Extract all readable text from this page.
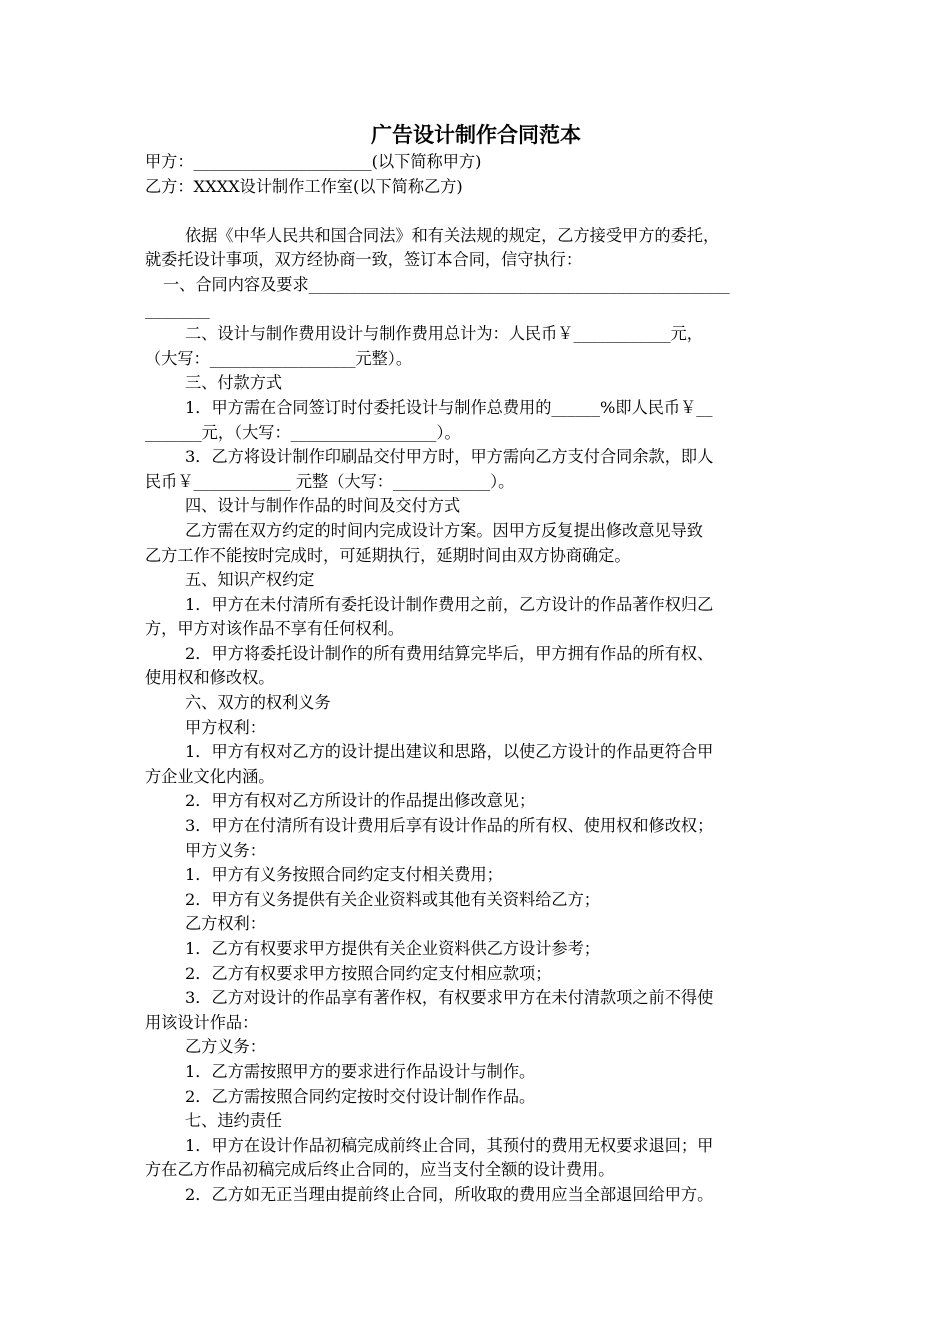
广告设计制作合同范本
甲方：______________________(以下简称甲方)
乙方：XXXX设计制作工作室(以下简称乙方)
依据《中华人民共和国合同法》和有关法规的规定，乙方接受甲方的委托，
就委托设计事项，双方经协商一致，签订本合同，信守执行：
一、合同内容及要求____________________________________________________
________
二、设计与制作费用设计与制作费用总计为：人民币￥____________元，
（大写：__________________元整）。
三、付款方式
1．甲方需在合同签订时付委托设计与制作总费用的______%即人民币￥__
_______元，（大写：__________________）。
3．乙方将设计制作印刷品交付甲方时，甲方需向乙方支付合同余款，即人
民币￥____________ 元整（大写：____________）。
四、设计与制作作品的时间及交付方式
乙方需在双方约定的时间内完成设计方案。因甲方反复提出修改意见导致
乙方工作不能按时完成时，可延期执行，延期时间由双方协商确定。
五、知识产权约定
1．甲方在未付清所有委托设计制作费用之前，乙方设计的作品著作权归乙
方，甲方对该作品不享有任何权利。
2．甲方将委托设计制作的所有费用结算完毕后，甲方拥有作品的所有权、
使用权和修改权。
六、双方的权利义务
甲方权利：
1．甲方有权对乙方的设计提出建议和思路，以使乙方设计的作品更符合甲
方企业文化内涵。
2．甲方有权对乙方所设计的作品提出修改意见；
3．甲方在付清所有设计费用后享有设计作品的所有权、使用权和修改权；
甲方义务：
1．甲方有义务按照合同约定支付相关费用；
2．甲方有义务提供有关企业资料或其他有关资料给乙方；
乙方权利：
1．乙方有权要求甲方提供有关企业资料供乙方设计参考；
2．乙方有权要求甲方按照合同约定支付相应款项；
3．乙方对设计的作品享有著作权，有权要求甲方在未付清款项之前不得使
用该设计作品：
乙方义务：
1．乙方需按照甲方的要求进行作品设计与制作。
2．乙方需按照合同约定按时交付设计制作作品。
七、违约责任
1．甲方在设计作品初稿完成前终止合同，其预付的费用无权要求退回；甲
方在乙方作品初稿完成后终止合同的，应当支付全额的设计费用。
2．乙方如无正当理由提前终止合同，所收取的费用应当全部退回给甲方。
